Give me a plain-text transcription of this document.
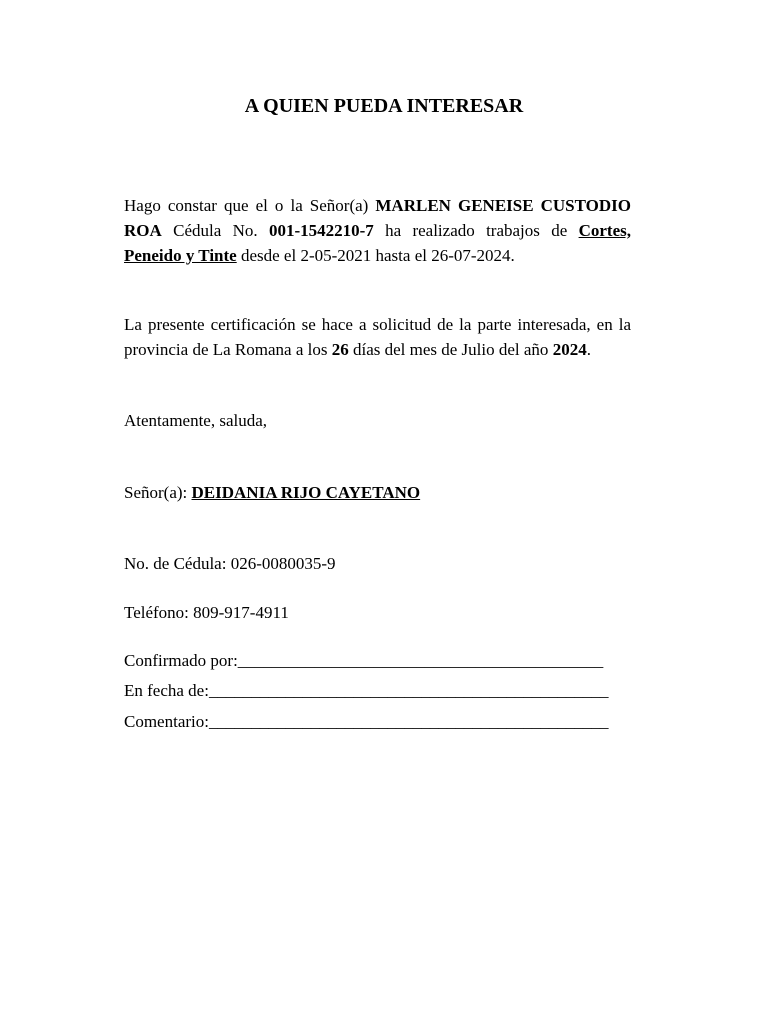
A QUIEN PUEDA INTERESAR
Hago constar que el o la Señor(a) MARLEN GENEISE CUSTODIO
ROA Cédula No. 001-1542210-7 ha realizado trabajos de Cortes,
Peneido y Tinte desde el 2-05-2021 hasta el 26-07-2024.
La presente certificación se hace a solicitud de la parte interesada, en la provincia de La Romana a los 26 días del mes de Julio del año 2024.
Atentamente, saluda,
Señor(a): DEIDANIA RIJO CAYETANO
No. de Cédula: 026-0080035-9
Teléfono: 809-917-4911
Confirmado por:___________________________________________
En fecha de:_______________________________________________
Comentario:_______________________________________________
